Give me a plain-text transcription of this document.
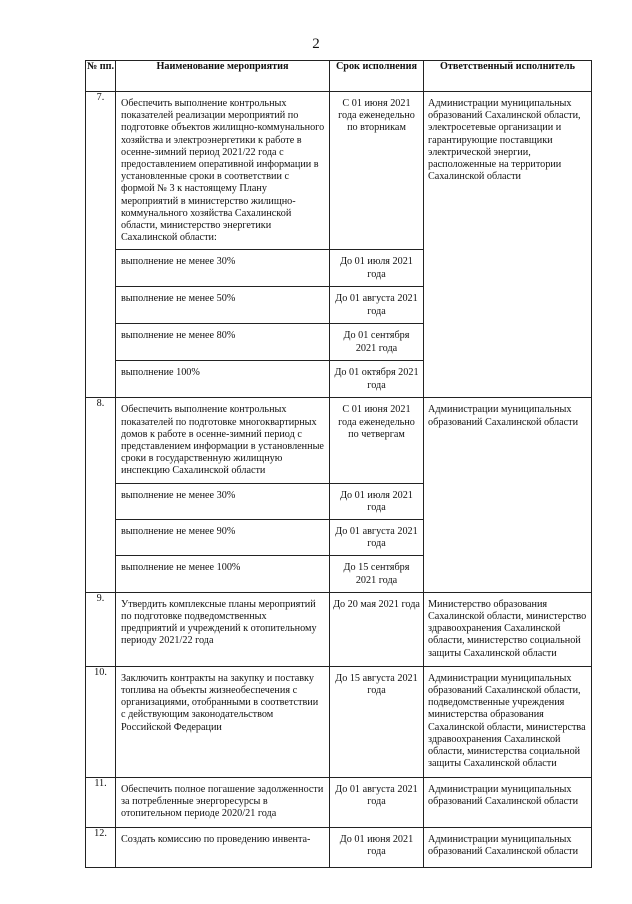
2
№ пп.	Наименование мероприятия	Срок исполнения	Ответственный исполнитель
7.	Обеспечить выполнение контрольных показателей реализации мероприятий по подготовке объектов жилищно-коммунального хозяйства и электроэнергетики к работе в осенне-зимний период 2021/22 года с предоставлением оперативной информации в установленные сроки в соответствии с формой № 3 к настоящему Плану мероприятий в министерство жилищно-коммунального хозяйства Сахалинской области, министерство энергетики Сахалинской области:	С 01 июня 2021 года еженедельно по вторникам	Администрации муниципальных образований Сахалинской области, электросетевые организации и гарантирующие поставщики электрической энергии, расположенные на территории Сахалинской области

	выполнение не менее 30%	До 01 июля 2021 года	

	выполнение не менее 50%	До 01 августа 2021 года	

	выполнение не менее 80%	До 01 сентября 2021 года	

	выполнение 100%	До 01 октября 2021 года	

8.	Обеспечить выполнение контрольных показателей по подготовке многоквартирных домов к работе в осенне-зимний период с представлением информации в установленные сроки в государственную жилищную инспекцию Сахалинской области	С 01 июня 2021 года еженедельно по четвергам	Администрации муниципальных образований Сахалинской области

	выполнение не менее 30%	До 01 июля 2021 года	

	выполнение не менее 90%	До 01 августа 2021 года	

	выполнение не менее 100%	До 15 сентября 2021 года	

9.	Утвердить комплексные планы мероприятий по подготовке подведомственных предприятий и учреждений к отопительному периоду 2021/22 года	До 20 мая 2021 года	Министерство образования Сахалинской области, министерство здравоохранения Сахалинской области, министерство социальной защиты Сахалинской области

10.	Заключить контракты на закупку и поставку топлива на объекты жизнеобеспечения с организациями, отобранными в соответствии с действующим законодательством Российской Федерации	До 15 августа 2021 года	Администрации муниципальных образований Сахалинской области, подведомственные учреждения министерства образования Сахалинской области, министерства здравоохранения Сахалинской области, министерства социальной защиты Сахалинской области

11.	Обеспечить полное погашение задолженности за потребленные энергоресурсы в отопительном периоде 2020/21 года	До 01 августа 2021 года	Администрации муниципальных образований Сахалинской области

12.	Создать комиссию по проведению инвента-	До 01 июня 2021 года	Администрации муниципальных образований Сахалинской области
